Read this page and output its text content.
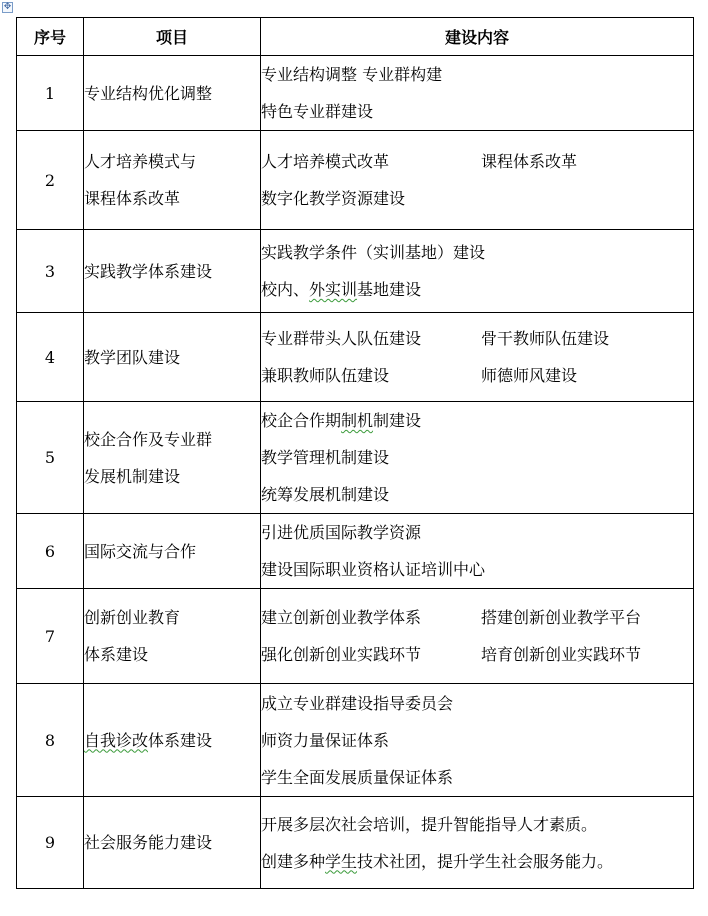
✥
序号	项目	建设内容
1	专业结构优化调整	专业结构调整 专业群构建
特色专业群建设

2	人才培养模式与
课程体系改革	人才培养模式改革 课程体系改革
数字化教学资源建设

3	实践教学体系建设	实践教学条件（实训基地）建设
校内、外实训基地建设

4	教学团队建设	专业群带头人队伍建设 骨干教师队伍建设
兼职教师队伍建设 师德师风建设

5	校企合作及专业群
发展机制建设	校企合作期制机制建设
教学管理机制建设
统筹发展机制建设

6	国际交流与合作	引进优质国际教学资源
建设国际职业资格认证培训中心

7	创新创业教育
体系建设	建立创新创业教学体系 搭建创新创业教学平台
强化创新创业实践环节 培育创新创业实践环节

8	自我诊改体系建设	成立专业群建设指导委员会
师资力量保证体系
学生全面发展质量保证体系

9	社会服务能力建设	开展多层次社会培训，提升智能指导人才素质。
创建多种学生技术社团，提升学生社会服务能力。
